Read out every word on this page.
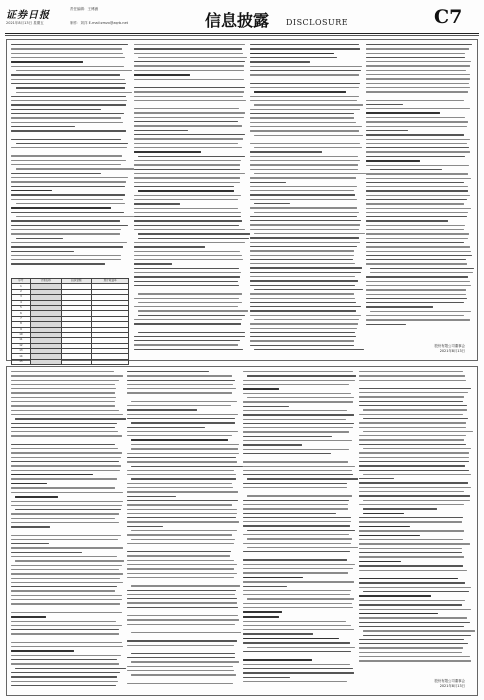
证券日报
责任编辑：王博涵
2021年8月13日 星期五	制作：刘洋 E-mail:zmzx@zqrb.net	信息披露 DISCLOSURE	C7
序号	计划名称	投资金额	预计收益率
1			
2			
3			
4			
5			
6			
7			
8			
9			
10			
11			
12			
13			
14			
15			
股份有限公司董事会
2021年8月13日
股份有限公司董事会
2021年8月13日
